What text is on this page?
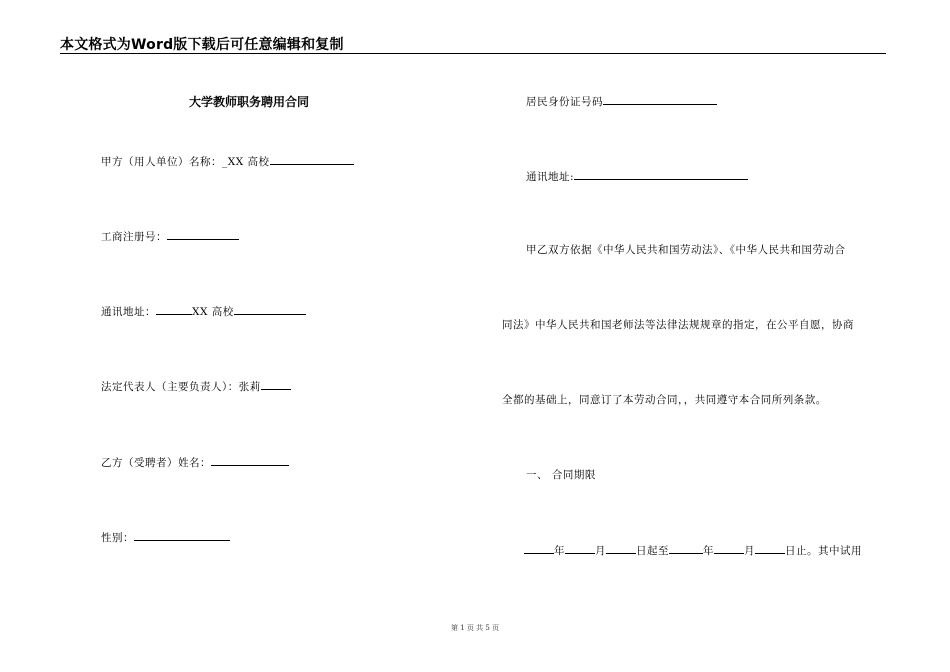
本文格式为Word版下载后可任意编辑和复制
大学教师职务聘用合同
甲方（用人单位）名称：_XX 高校
工商注册号：
通讯地址：	XX 高校
法定代表人（主要负责人）：张莉
乙方（受聘者）姓名：
性别：
居民身份证号码
通讯地址:
甲乙双方依据《中华人民共和国劳动法》、《中华人民共和国劳动合
同法》中华人民共和国老师法等法律法规规章的指定，在公平自愿，协商
全都的基础上，同意订了本劳动合同，，共同遵守本合同所列条款。
一、 合同期限
年	月	日起至	年	月	日止。其中试用
第 1 页 共 5 页
